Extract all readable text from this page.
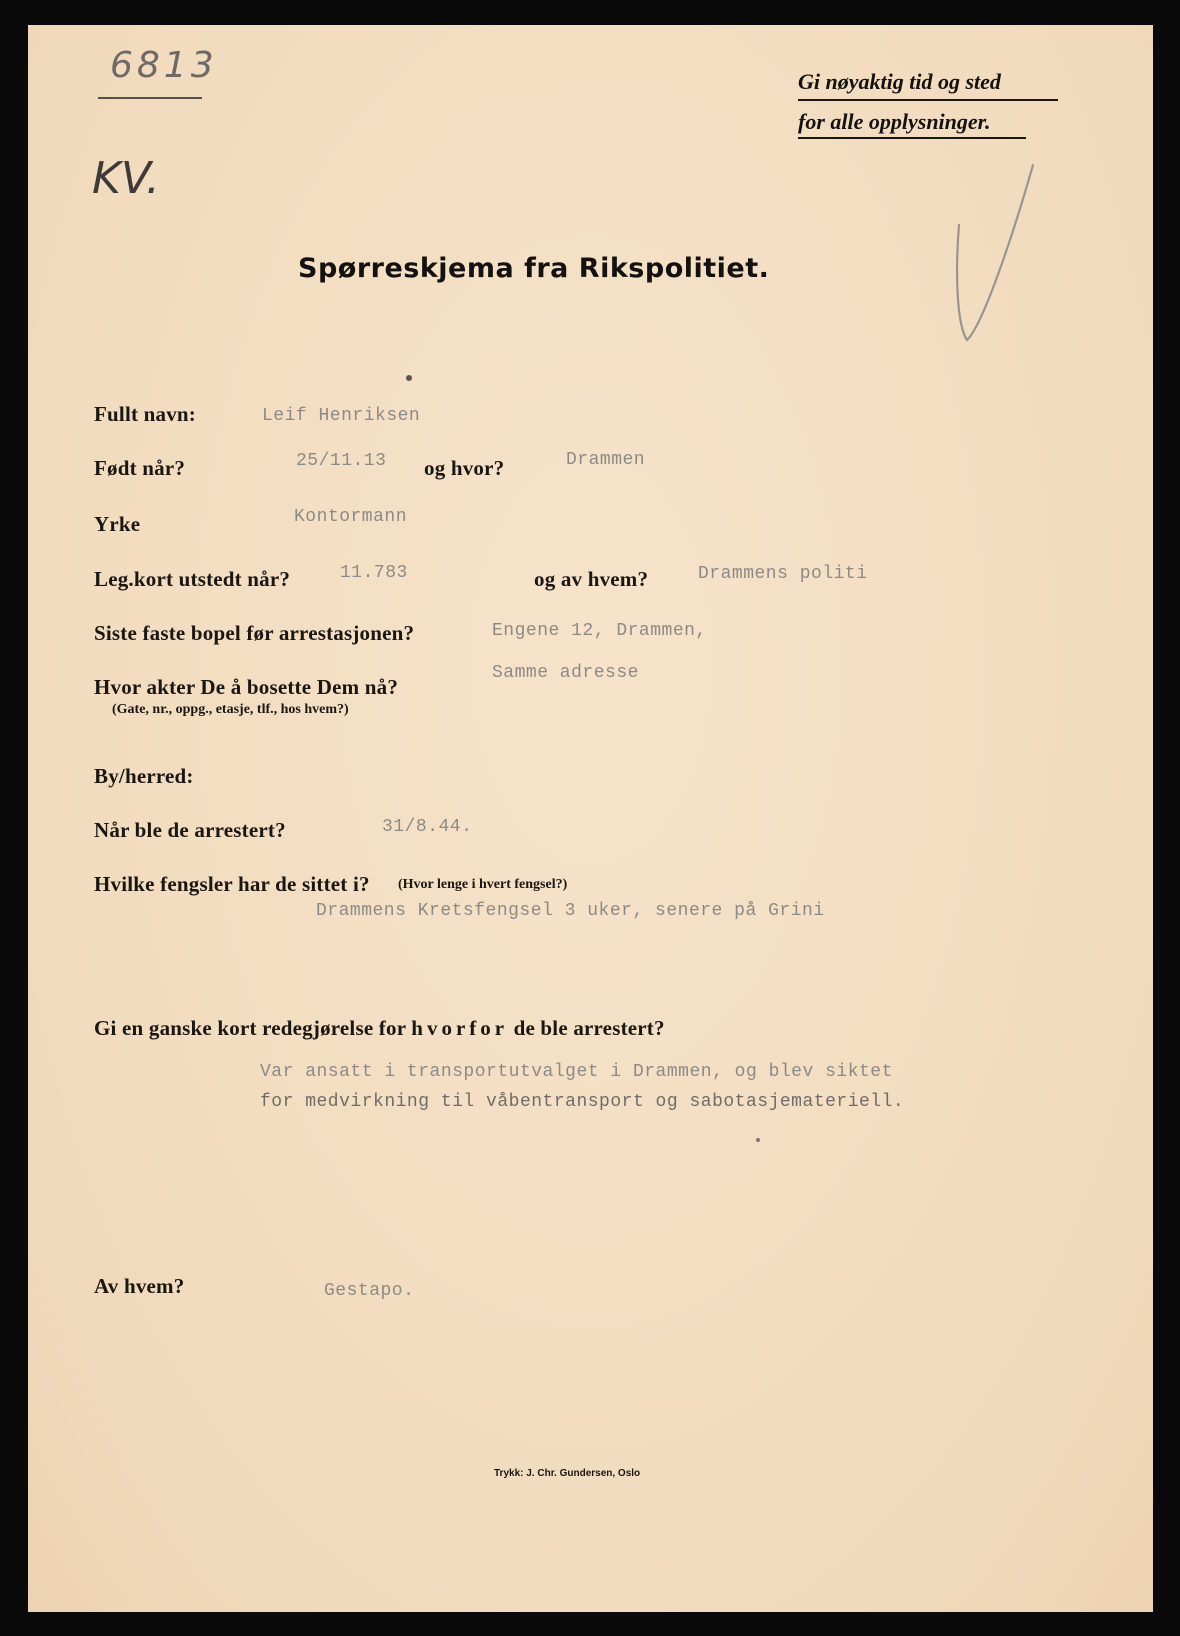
6813
KV.
Gi nøyaktig tid og sted
for alle opplysninger.
Spørreskjema fra Rikspolitiet.
Fullt navn:	Leif Henriksen
Født når?	25/11.13 og hvor?	Drammen
Yrke	Kontormann
Leg.kort utstedt når?	11.783	og av hvem?	Drammens politi
Siste faste bopel før arrestasjonen?	Engene 12, Drammen,
Hvor akter De å bosette Dem nå?
(Gate, nr., oppg., etasje, tlf., hos hvem?)
Samme adresse
By/herred:
Når ble de arrestert?	31/8.44.
Hvilke fengsler har de sittet i? (Hvor lenge i hvert fengsel?)
Drammens Kretsfengsel 3 uker, senere på Grini
Gi en ganske kort redegjørelse for hvorfor de ble arrestert?
Var ansatt i transportutvalget i Drammen, og blev siktet
for medvirkning til våbentransport og sabotasjemateriell.
Av hvem?	Gestapo.
Trykk: J. Chr. Gundersen, Oslo
